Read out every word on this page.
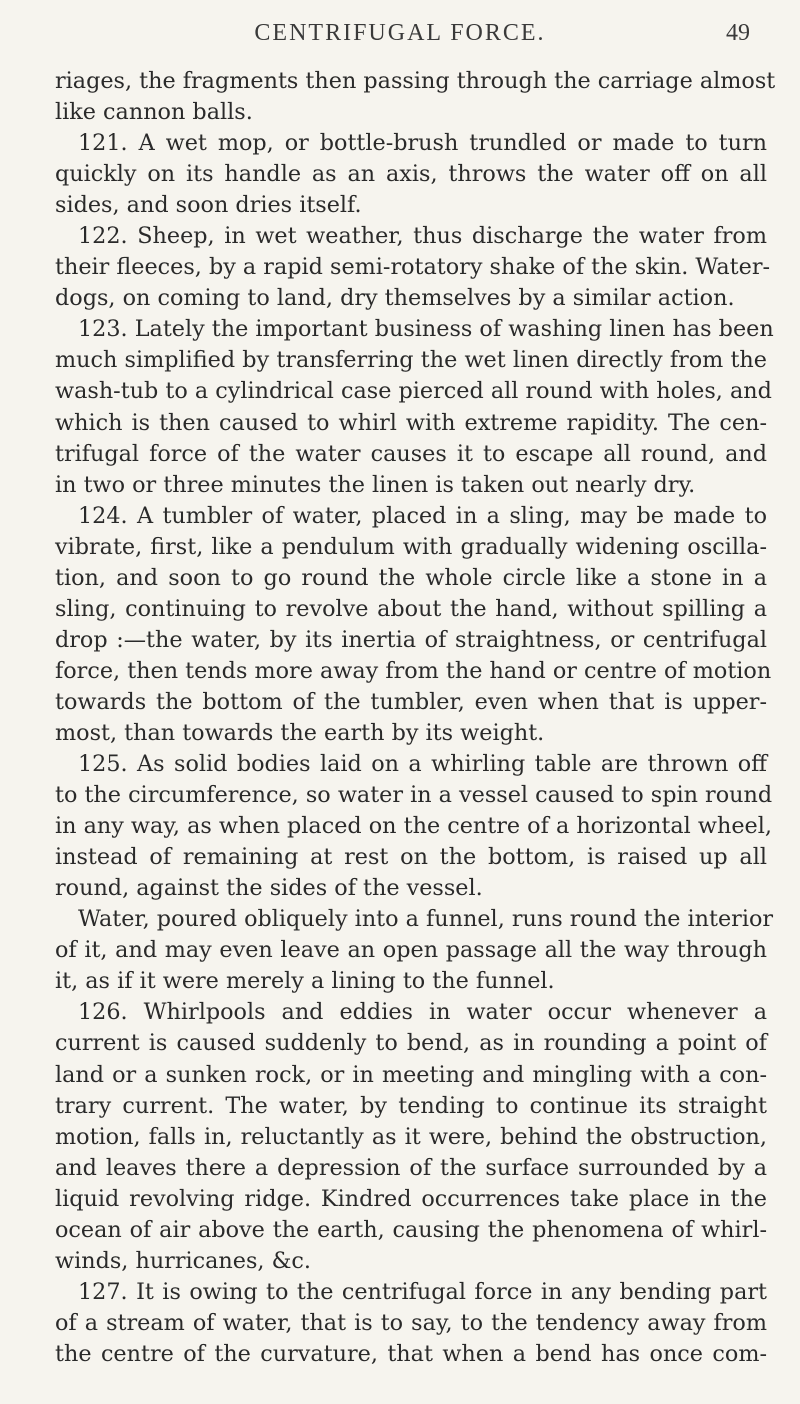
CENTRIFUGAL FORCE.	49
riages, the fragments then passing through the carriage almost
like cannon balls.
121. A wet mop, or bottle-brush trundled or made to turn
quickly on its handle as an axis, throws the water off on all
sides, and soon dries itself.
122. Sheep, in wet weather, thus discharge the water from
their fleeces, by a rapid semi-rotatory shake of the skin. Water-
dogs, on coming to land, dry themselves by a similar action.
123. Lately the important business of washing linen has been
much simplified by transferring the wet linen directly from the
wash-tub to a cylindrical case pierced all round with holes, and
which is then caused to whirl with extreme rapidity. The cen-
trifugal force of the water causes it to escape all round, and
in two or three minutes the linen is taken out nearly dry.
124. A tumbler of water, placed in a sling, may be made to
vibrate, first, like a pendulum with gradually widening oscilla-
tion, and soon to go round the whole circle like a stone in a
sling, continuing to revolve about the hand, without spilling a
drop :—the water, by its inertia of straightness, or centrifugal
force, then tends more away from the hand or centre of motion
towards the bottom of the tumbler, even when that is upper-
most, than towards the earth by its weight.
125. As solid bodies laid on a whirling table are thrown off
to the circumference, so water in a vessel caused to spin round
in any way, as when placed on the centre of a horizontal wheel,
instead of remaining at rest on the bottom, is raised up all
round, against the sides of the vessel.
Water, poured obliquely into a funnel, runs round the interior
of it, and may even leave an open passage all the way through
it, as if it were merely a lining to the funnel.
126. Whirlpools and eddies in water occur whenever a
current is caused suddenly to bend, as in rounding a point of
land or a sunken rock, or in meeting and mingling with a con-
trary current. The water, by tending to continue its straight
motion, falls in, reluctantly as it were, behind the obstruction,
and leaves there a depression of the surface surrounded by a
liquid revolving ridge. Kindred occurrences take place in the
ocean of air above the earth, causing the phenomena of whirl-
winds, hurricanes, &c.
127. It is owing to the centrifugal force in any bending part
of a stream of water, that is to say, to the tendency away from
the centre of the curvature, that when a bend has once com-
